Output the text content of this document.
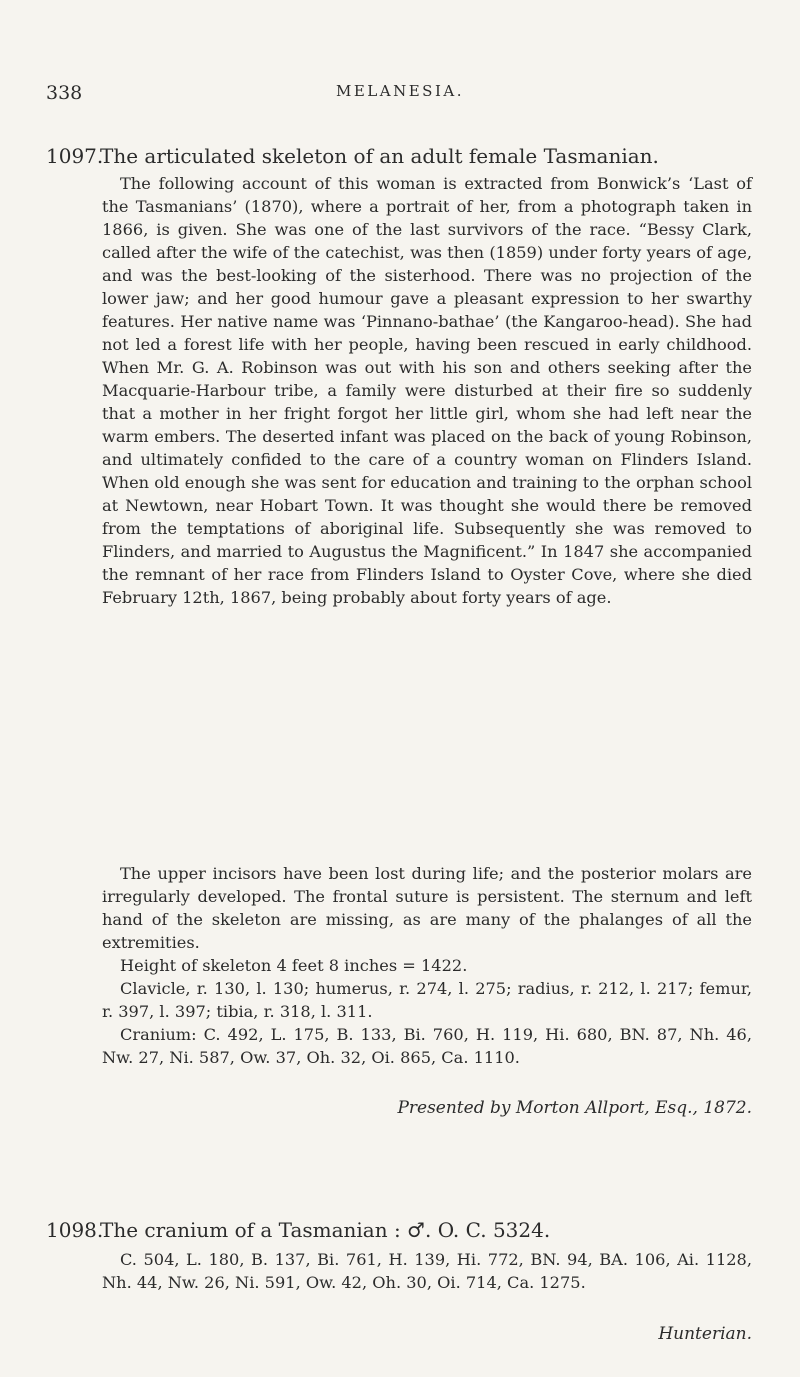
338	MELANESIA.
1097.
The articulated skeleton of an adult female Tasmanian.

The following account of this woman is extracted from Bonwick’s ‘Last of the Tasmanians’ (1870), where a portrait of her, from a photograph taken in 1866, is given. She was one of the last survivors of the race. “Bessy Clark, called after the wife of the catechist, was then (1859) under forty years of age, and was the best-looking of the sisterhood. There was no projection of the lower jaw; and her good humour gave a pleasant expression to her swarthy features. Her native name was ‘Pinnano-bathae’ (the Kangaroo-head). She had not led a forest life with her people, having been rescued in early childhood. When Mr. G. A. Robinson was out with his son and others seeking after the Macquarie-Harbour tribe, a family were disturbed at their fire so suddenly that a mother in her fright forgot her little girl, whom she had left near the warm embers. The deserted infant was placed on the back of young Robinson, and ultimately confided to the care of a country woman on Flinders Island. When old enough she was sent for education and training to the orphan school at Newtown, near Hobart Town. It was thought she would there be removed from the temptations of aboriginal life. Subsequently she was removed to Flinders, and married to Augustus the Magnificent.” In 1847 she accompanied the remnant of her race from Flinders Island to Oyster Cove, where she died February 12th, 1867, being probably about forty years of age.

The upper incisors have been lost during life; and the posterior molars are irregularly developed. The frontal suture is persistent. The sternum and left hand of the skeleton are missing, as are many of the phalanges of all the extremities.

Height of skeleton 4 feet 8 inches = 1422.

Clavicle, r. 130, l. 130; humerus, r. 274, l. 275; radius, r. 212, l. 217; femur, r. 397, l. 397; tibia, r. 318, l. 311.

Cranium: C. 492, L. 175, B. 133, Bi. 760, H. 119, Hi. 680, BN. 87, Nh. 46, Nw. 27, Ni. 587, Ow. 37, Oh. 32, Oi. 865, Ca. 1110.

Presented by Morton Allport, Esq., 1872.
1098.
The cranium of a Tasmanian : ♂. O. C. 5324.

C. 504, L. 180, B. 137, Bi. 761, H. 139, Hi. 772, BN. 94, BA. 106, Ai. 1128, Nh. 44, Nw. 26, Ni. 591, Ow. 42, Oh. 30, Oi. 714, Ca. 1275.

Hunterian.
